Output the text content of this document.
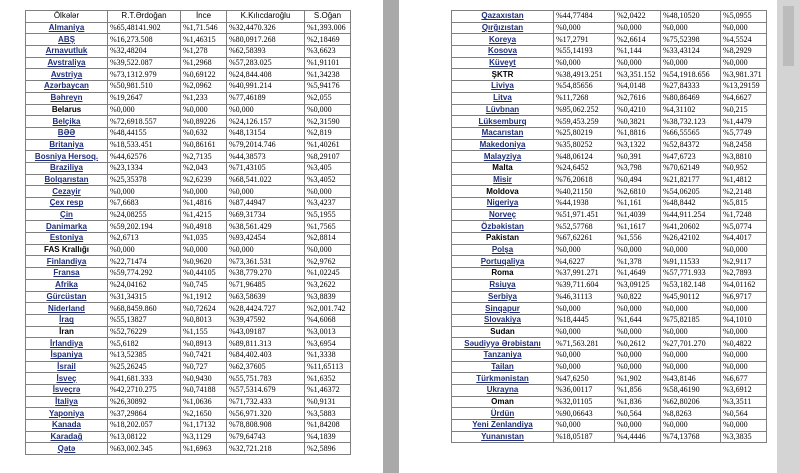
Ölkələr	R.T.Ərdoğan	İnce	K.Kılıcdaroğlu	S.Oğan
Almaniya	%65,48141.902	%1,71.546	%32,4470.326	%1,393.006
ABŞ	%16,273.508	%1,46315	%80,0917.268	%2,18469
Arnavutluk	%32,48204	%1,278	%62,58393	%3,6623
Avstraliya	%39,522.087	%1,2968	%57,283.025	%1,91101
Avstriya	%73,1312.979	%0,69122	%24,844.408	%1,34238
Azərbaycan	%50,981.510	%2,0962	%40,991.214	%5,94176
Bəhreyn	%19,2647	%1,233	%77,46189	%2,055
Belarus	%0,000	%0,000	%0,000	%0,000
Belçika	%72,6918.557	%0,89226	%24,126.157	%2,31590
BƏƏ	%48,44155	%0,632	%48,13154	%2,819
Britaniya	%18,533.451	%0,86161	%79,2014.746	%1,40261
Bosniya Hersoq.	%44,62576	%2,7135	%44,38573	%8,29107
Braziliya	%23,1334	%2,043	%71,43105	%3,405
Bolqarıstan	%25,35378	%2,6239	%68,541.022	%3,4052
Cezayir	%0,000	%0,000	%0,000	%0,000
Çex resp	%7,6683	%1,4816	%87,44947	%3,4237
Çin	%24,08255	%1,4215	%69,31734	%5,1955
Danimarka	%59,202.194	%0,4918	%38,561.429	%1,7565
Estoniya	%2,6713	%1,035	%93,42454	%2,8814
FAS Krallığı	%0,000	%0,000	%0,000	%0,000
Finlandiya	%22,71474	%0,9620	%73,361.531	%2,9762
Fransa	%59,774.292	%0,44105	%38,779.270	%1,02245
Afrika	%24,04162	%0,745	%71,96485	%3,2622
Gürcüstan	%31,34315	%1,1912	%63,58639	%3,8839
Niderland	%68,8459.860	%0,72624	%28,4424.727	%2,001.742
İraq	%55,13827	%0,8013	%39,47592	%4,6068
İran	%52,76229	%1,155	%43,09187	%3,0013
İrlandiya	%5,6182	%0,8913	%89,811.313	%3,6954
İspaniya	%13,52385	%0,7421	%84,402.403	%1,3338
İsrail	%25,26245	%0,727	%62,37605	%11,65113
İsveç	%41,681.333	%0,9430	%55,751.783	%1,6352
İsveçrə	%42,2710.275	%0,74188	%57,5314.679	%1,46372
İtaliya	%26,30892	%1,0636	%71,732.433	%0,9131
Yaponiya	%37,29864	%2,1650	%56,971.320	%3,5883
Kanada	%18,202.057	%1,17132	%78,808.908	%1,84208
Karadağ	%13,08122	%3,1129	%79,64743	%4,1839
Qətə	%63,002.345	%1,6963	%32,721.218	%2,5896
Qazaxıstan	%44,77484	%2,0422	%48,10520	%5,0955
Qırğızıstan	%0,000	%0,000	%0,000	%0,000
Koreya	%17,2791	%2,6614	%75,52398	%4,5524
Kosova	%55,14193	%1,144	%33,43124	%8,2929
Küveyt	%0,000	%0,000	%0,000	%0,000
ŞKTR	%38,4913.251	%3,351.152	%54,1918.656	%3,981.371
Liviya	%54,85656	%4,0148	%27,84333	%13,29159
Litva	%11,7268	%2,7616	%80,86469	%4,6627
Lüvbnan	%95,062.252	%0,4210	%4,31102	%0,215
Lüksemburq	%59,453.259	%0,3821	%38,732.123	%1,4479
Macarıstan	%25,80219	%1,8816	%66,55565	%5,7749
Makedoniya	%35,80252	%3,1322	%52,84372	%8,2458
Malayziya	%48,06124	%0,391	%47,6723	%3,8810
Malta	%24,6452	%3,798	%70,62149	%0,952
Misir	%76,20618	%0,494	%21,82177	%1,4812
Moldova	%40,21150	%2,6810	%54,06205	%2,2148
Nigeriya	%44,1938	%1,161	%48,8442	%5,815
Norveç	%51,971.451	%1,4039	%44,911.254	%1,7248
Özbəkistan	%52,57768	%1,1617	%41,20602	%5,0774
Pakistan	%67,62261	%1,556	%26,42102	%4,4017
Polşa	%0,000	%0,000	%0,000	%0,000
Portuqaliya	%4,6227	%1,378	%91,11533	%2,9117
Roma	%37,991.271	%1,4649	%57,771.933	%2,7893
Rsiuya	%39,711.604	%3,09125	%53,182.148	%4,01162
Serbiya	%46,31113	%0,822	%45,90112	%6,9717
Sinqapur	%0,000	%0,000	%0,000	%0,000
Slovakiya	%18,4445	%1,644	%75,82185	%4,1010
Sudan	%0,000	%0,000	%0,000	%0,000
Səudiyyə Ərəbistanı	%71,563.281	%0,2612	%27,701.270	%0,4822
Tanzaniya	%0,000	%0,000	%0,000	%0,000
Tailan	%0,000	%0,000	%0,000	%0,000
Türkmənistan	%47,6250	%1,902	%43,8146	%6,677
Ukrayna	%36,00117	%1,856	%58,46190	%3,6912
Oman	%32,01105	%1,836	%62,80206	%3,3511
Ürdün	%90,06643	%0,564	%8,8263	%0,564
Yeni Zenlandiya	%0,000	%0,000	%0,000	%0,000
Yunanıstan	%18,05187	%4,4446	%74,13768	%3,3835
